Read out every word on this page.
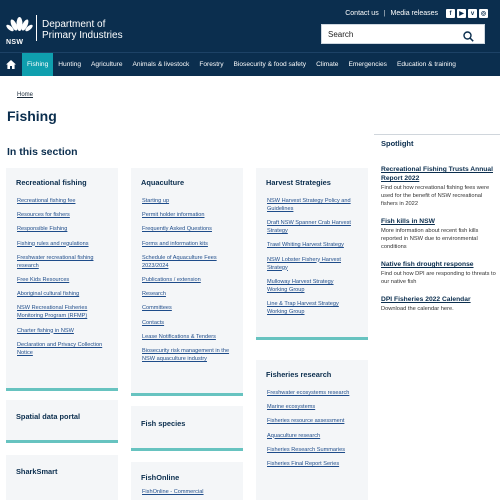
NSW
Department of
Primary Industries
Contact us | Media releases	f	▶	v	◎
Search
Fishing	Hunting	Agriculture	Animals & livestock	Forestry	Biosecurity & food safety	Climate	Emergencies	Education & training
Home
Fishing
In this section
Recreational fishing
Recreational fishing fee
Resources for fishers
Responsible Fishing
Fishing rules and regulations
Freshwater recreational fishing research
Free Kids Resources
Aboriginal cultural fishing
NSW Recreational Fisheries Monitoring Program (RFMP)
Charter fishing in NSW
Declaration and Privacy Collection Notice
Aquaculture
Starting up
Permit holder information
Frequently Asked Questions
Forms and information kits
Schedule of Aquaculture Fees 2023/2024
Publications / extension
Research
Committees
Contacts
Lease Notifications & Tenders
Biosecurity risk management in the NSW aquaculture industry
Harvest Strategies
NSW Harvest Strategy Policy and Guidelines
Draft NSW Spanner Crab Harvest Strategy
Trawl Whiting Harvest Strategy
NSW Lobster Fishery Harvest Strategy
Mulloway Harvest Strategy Working Group
Line & Trap Harvest Strategy Working Group
Fisheries research
Freshwater ecosystems research
Marine ecosystems
Fisheries resource assessment
Aquaculture research
Fisheries Research Summaries
Fisheries Final Report Series
Spatial data portal
Fish species
SharkSmart
FishOnline
FishOnline - Commercial
Spotlight
Recreational Fishing Trusts Annual Report 2022
Find out how recreational fishing fees were used for the benefit of NSW recreational fishers in 2022
Fish kills in NSW
More information about recent fish kills reported in NSW due to environmental conditions
Native fish drought response
Find out how DPI are responding to threats to our native fish
DPI Fisheries 2022 Calendar
Download the calendar here.
